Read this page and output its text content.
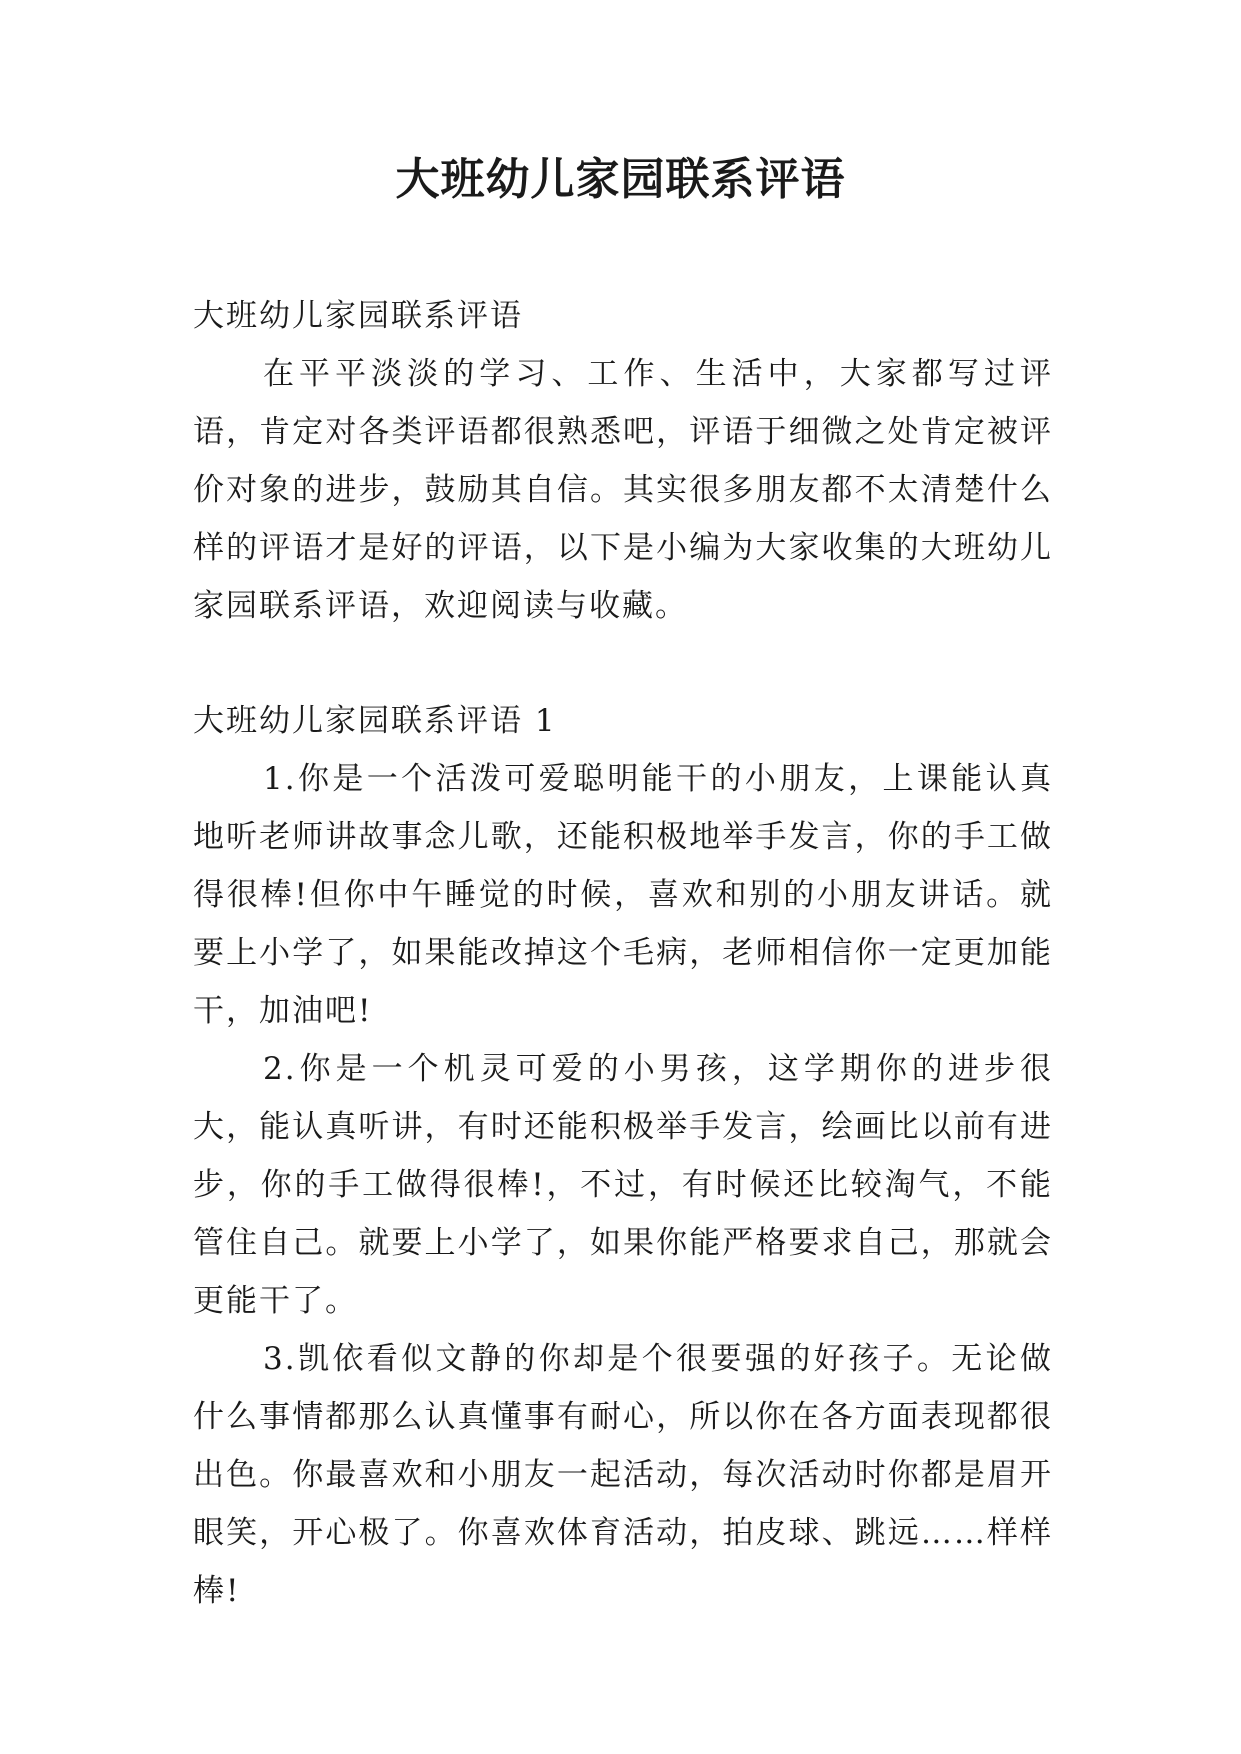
大班幼儿家园联系评语

大班幼儿家园联系评语

在平平淡淡的学习、工作、生活中，大家都写过评语，肯定对各类评语都很熟悉吧，评语于细微之处肯定被评价对象的进步，鼓励其自信。其实很多朋友都不太清楚什么样的评语才是好的评语，以下是小编为大家收集的大班幼儿家园联系评语，欢迎阅读与收藏。

大班幼儿家园联系评语 1

1.你是一个活泼可爱聪明能干的小朋友，上课能认真地听老师讲故事念儿歌，还能积极地举手发言，你的手工做得很棒!但你中午睡觉的时候，喜欢和别的小朋友讲话。就要上小学了，如果能改掉这个毛病，老师相信你一定更加能干，加油吧!

2.你是一个机灵可爱的小男孩，这学期你的进步很大，能认真听讲，有时还能积极举手发言，绘画比以前有进步，你的手工做得很棒!，不过，有时候还比较淘气，不能管住自己。就要上小学了，如果你能严格要求自己，那就会更能干了。

3.凯依看似文静的你却是个很要强的好孩子。无论做什么事情都那么认真懂事有耐心，所以你在各方面表现都很出色。你最喜欢和小朋友一起活动，每次活动时你都是眉开眼笑，开心极了。你喜欢体育活动，拍皮球、跳远……样样棒!
